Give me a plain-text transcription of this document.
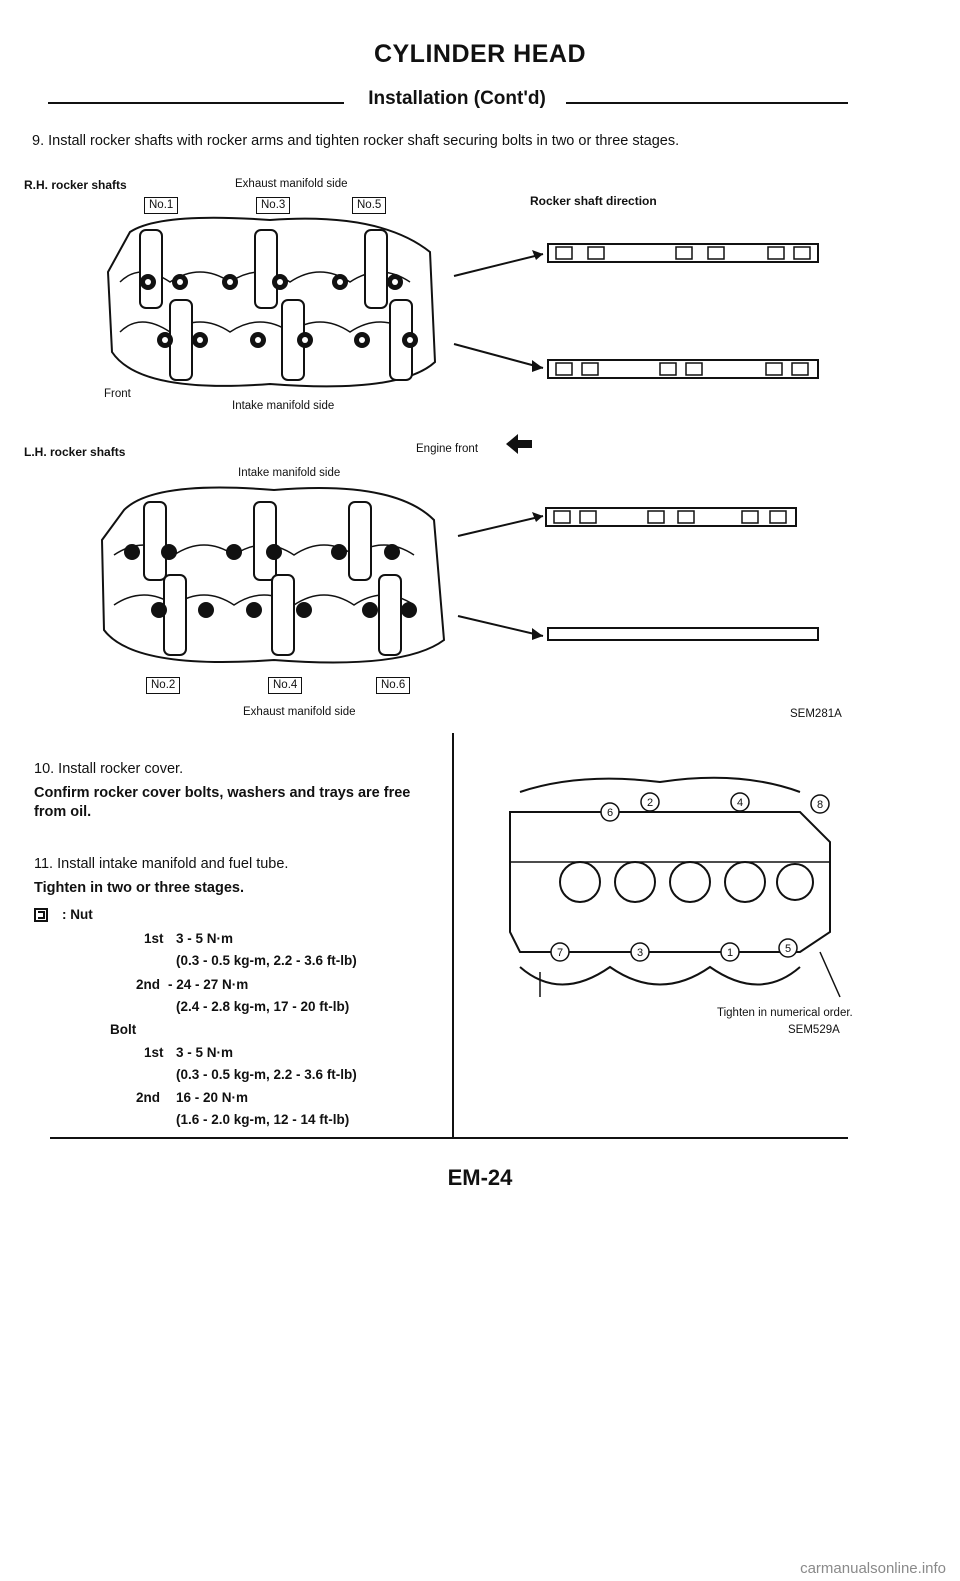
CYLINDER HEAD
Installation (Cont'd)
9. Install rocker shafts with rocker arms and tighten rocker shaft securing bolts in two or three stages.
R.H. rocker shafts	Exhaust manifold side
No.1	No.3	No.5	Rocker shaft direction
Front
Intake manifold side
Engine front
L.H. rocker shafts
Intake manifold side
No.2	No.4	No.6
Exhaust manifold side	SEM281A
10. Install rocker cover.
Confirm rocker cover bolts, washers and trays are free from oil.
11. Install intake manifold and fuel tube.
Tighten in two or three stages.
: Nut
1st 3 - 5 N·m
(0.3 - 0.5 kg-m, 2.2 - 3.6 ft-lb)
2nd - 24 - 27 N·m
(2.4 - 2.8 kg-m, 17 - 20 ft-lb)
Bolt
1st 3 - 5 N·m
(0.3 - 0.5 kg-m, 2.2 - 3.6 ft-lb)
2nd 16 - 20 N·m
(1.6 - 2.0 kg-m, 12 - 14 ft-lb)
6
2	4	8
7	3	1	5
Tighten in numerical order.
SEM529A
EM-24
carmanualsonline.info
